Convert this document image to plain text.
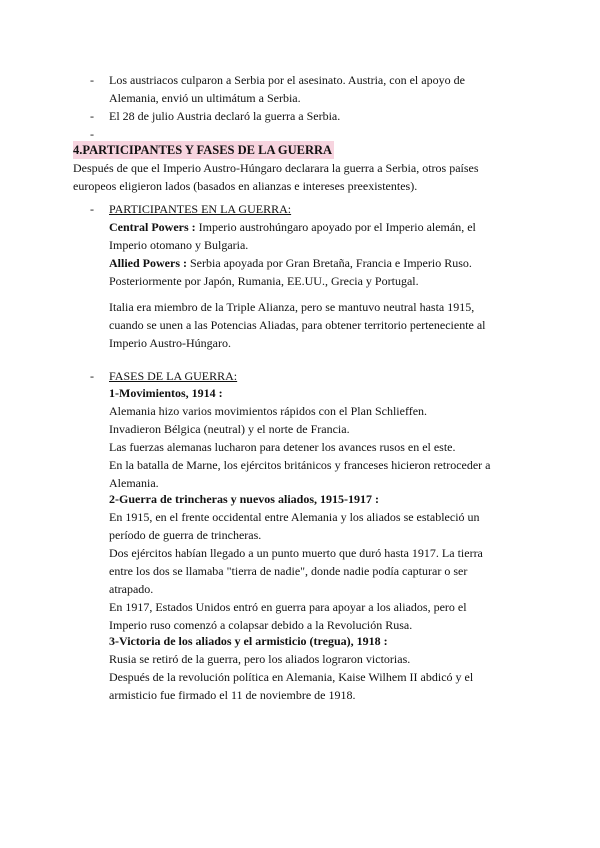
-	Los austriacos culparon a Serbia por el asesinato. Austria, con el apoyo de
Alemania, envió un ultimátum a Serbia.
-	El 28 de julio Austria declaró la guerra a Serbia.
-
4.PARTICIPANTES Y FASES DE LA GUERRA
Después de que el Imperio Austro-Húngaro declarara la guerra a Serbia, otros países
europeos eligieron lados (basados en alianzas e intereses preexistentes).
-	PARTICIPANTES EN LA GUERRA:
Central Powers : Imperio austrohúngaro apoyado por el Imperio alemán, el
Imperio otomano y Bulgaria.
Allied Powers : Serbia apoyada por Gran Bretaña, Francia e Imperio Ruso.
Posteriormente por Japón, Rumania, EE.UU., Grecia y Portugal.
Italia era miembro de la Triple Alianza, pero se mantuvo neutral hasta 1915,
cuando se unen a las Potencias Aliadas, para obtener territorio perteneciente al
Imperio Austro-Húngaro.
-	FASES DE LA GUERRA:
1-Movimientos, 1914 :
Alemania hizo varios movimientos rápidos con el Plan Schlieffen.
Invadieron Bélgica (neutral) y el norte de Francia.
Las fuerzas alemanas lucharon para detener los avances rusos en el este.
En la batalla de Marne, los ejércitos británicos y franceses hicieron retroceder a
Alemania.
2-Guerra de trincheras y nuevos aliados, 1915-1917 :
En 1915, en el frente occidental entre Alemania y los aliados se estableció un
período de guerra de trincheras.
Dos ejércitos habían llegado a un punto muerto que duró hasta 1917. La tierra
entre los dos se llamaba "tierra de nadie", donde nadie podía capturar o ser
atrapado.
En 1917, Estados Unidos entró en guerra para apoyar a los aliados, pero el
Imperio ruso comenzó a colapsar debido a la Revolución Rusa.
3-Victoria de los aliados y el armisticio (tregua), 1918 :
Rusia se retiró de la guerra, pero los aliados lograron victorias.
Después de la revolución política en Alemania, Kaise Wilhem II abdicó y el
armisticio fue firmado el 11 de noviembre de 1918.
